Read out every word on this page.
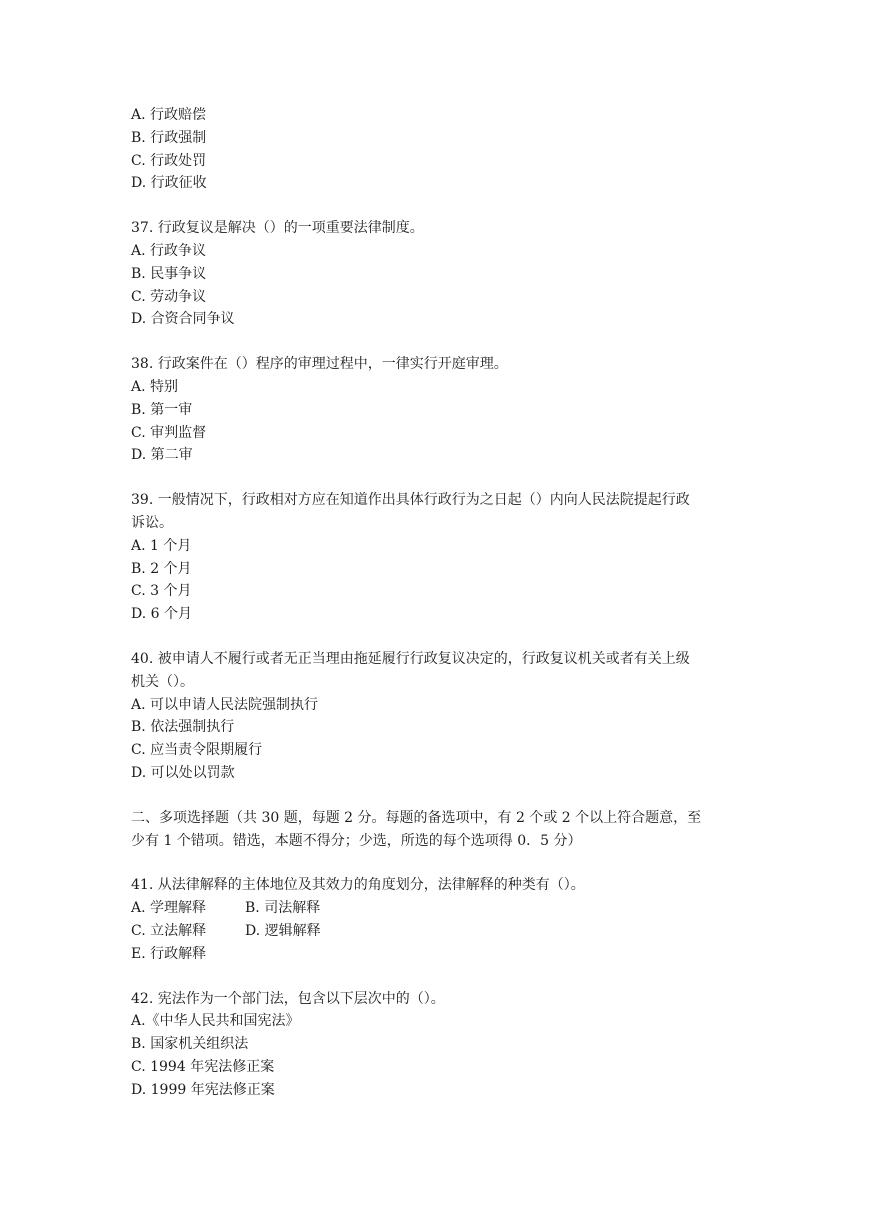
A. 行政赔偿
B. 行政强制
C. 行政处罚
D. 行政征收
37. 行政复议是解决（）的一项重要法律制度。
A. 行政争议
B. 民事争议
C. 劳动争议
D. 合资合同争议
38. 行政案件在（）程序的审理过程中，一律实行开庭审理。
A. 特别
B. 第一审
C. 审判监督
D. 第二审
39. 一般情况下，行政相对方应在知道作出具体行政行为之日起（）内向人民法院提起行政
诉讼。
A. 1 个月
B. 2 个月
C. 3 个月
D. 6 个月
40. 被申请人不履行或者无正当理由拖延履行行政复议决定的，行政复议机关或者有关上级
机关（）。
A. 可以申请人民法院强制执行
B. 依法强制执行
C. 应当责令限期履行
D. 可以处以罚款
二、多项选择题（共 30 题，每题 2 分。每题的备选项中，有 2 个或 2 个以上符合题意，至
少有 1 个错项。错选，本题不得分；少选，所选的每个选项得 0．5 分）
41. 从法律解释的主体地位及其效力的角度划分，法律解释的种类有（）。
A. 学理解释	B. 司法解释
C. 立法解释	D. 逻辑解释
E. 行政解释
42. 宪法作为一个部门法，包含以下层次中的（）。
A.《中华人民共和国宪法》
B. 国家机关组织法
C. 1994 年宪法修正案
D. 1999 年宪法修正案
